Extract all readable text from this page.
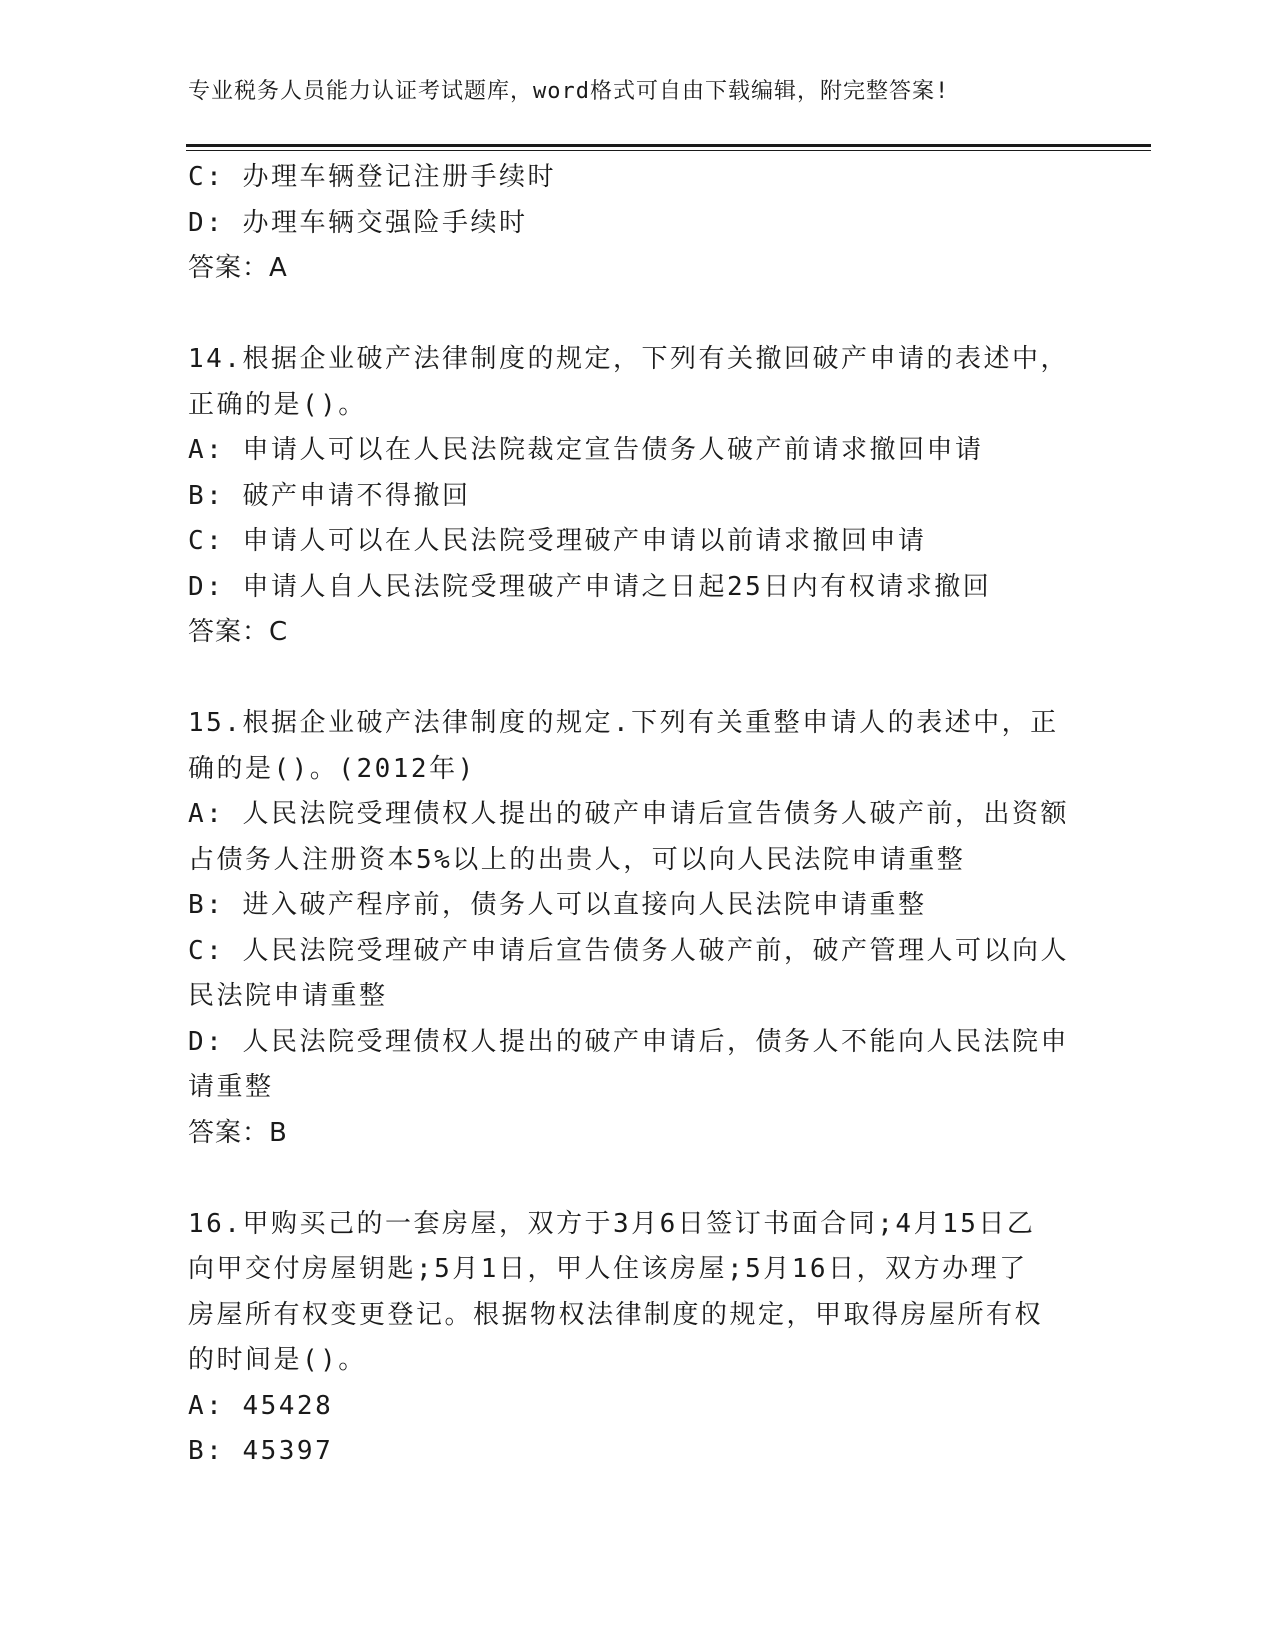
专业税务人员能力认证考试题库，word格式可自由下载编辑，附完整答案!
C: 办理车辆登记注册手续时
D: 办理车辆交强险手续时
答案：A
14.根据企业破产法律制度的规定，下列有关撤回破产申请的表述中，
正确的是()。
A: 申请人可以在人民法院裁定宣告债务人破产前请求撤回申请
B: 破产申请不得撤回
C: 申请人可以在人民法院受理破产申请以前请求撤回申请
D: 申请人自人民法院受理破产申请之日起25日内有权请求撤回
答案：C
15.根据企业破产法律制度的规定.下列有关重整申请人的表述中，正
确的是()。(2012年)
A: 人民法院受理债权人提出的破产申请后宣告债务人破产前，出资额
占债务人注册资本5%以上的出贵人，可以向人民法院申请重整
B: 进入破产程序前，债务人可以直接向人民法院申请重整
C: 人民法院受理破产申请后宣告债务人破产前，破产管理人可以向人
民法院申请重整
D: 人民法院受理债权人提出的破产申请后，债务人不能向人民法院申
请重整
答案：B
16.甲购买己的一套房屋，双方于3月6日签订书面合同;4月15日乙
向甲交付房屋钥匙;5月1日，甲人住该房屋;5月16日，双方办理了
房屋所有权变更登记。根据物权法律制度的规定，甲取得房屋所有权
的时间是()。
A: 45428
B: 45397
